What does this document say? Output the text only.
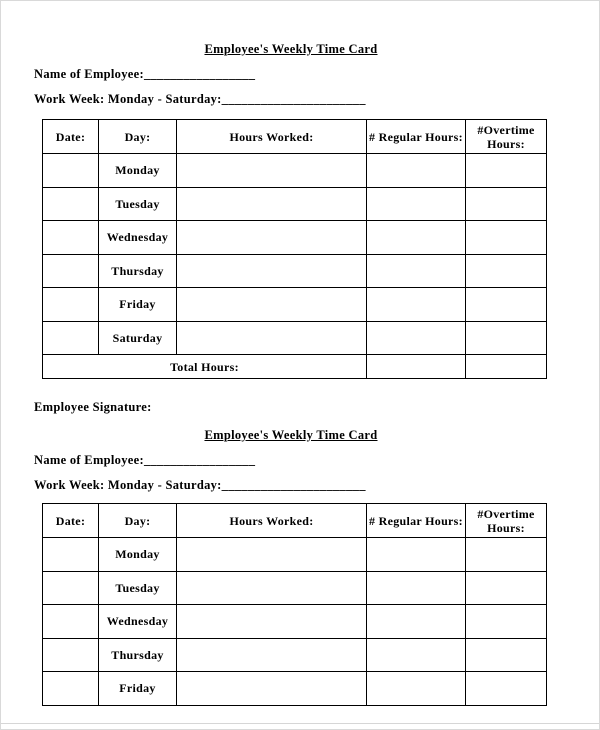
Employee's Weekly Time Card
Name of Employee:_________________
Work Week: Monday - Saturday:______________________
Date:	Day:	Hours Worked:	# Regular Hours:	#Overtime Hours:
	Monday			
	Tuesday			
	Wednesday			
	Thursday			
	Friday			
	Saturday			
Total Hours:				
Employee Signature:
Employee's Weekly Time Card
Name of Employee:_________________
Work Week: Monday - Saturday:______________________
Date:	Day:	Hours Worked:	# Regular Hours:	#Overtime Hours:
	Monday			
	Tuesday			
	Wednesday			
	Thursday			
	Friday			
